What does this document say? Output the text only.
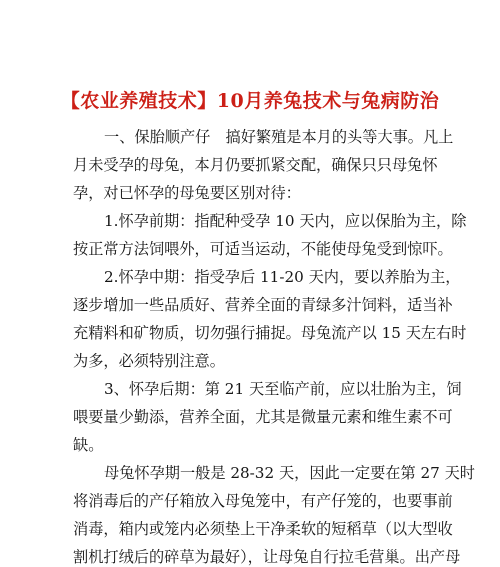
【农业养殖技术】10月养兔技术与兔病防治
一、保胎顺产仔　搞好繁殖是本月的头等大事。凡上
月未受孕的母兔，本月仍要抓紧交配，确保只只母兔怀
孕，对已怀孕的母兔要区别对待：
1.怀孕前期：指配种受孕 10 天内，应以保胎为主，除
按正常方法饲喂外，可适当运动，不能使母兔受到惊吓。
2.怀孕中期：指受孕后 11-20 天内，要以养胎为主，
逐步增加一些品质好、营养全面的青绿多汁饲料，适当补
充精料和矿物质，切勿强行捕捉。母兔流产以 15 天左右时
为多，必须特别注意。
3、怀孕后期：第 21 天至临产前，应以壮胎为主，饲
喂要量少勤添，营养全面，尤其是微量元素和维生素不可
缺。
母兔怀孕期一般是 28-32 天，因此一定要在第 27 天时
将消毒后的产仔箱放入母兔笼中，有产仔笼的，也要事前
消毒，箱内或笼内必须垫上干净柔软的短稻草（以大型收
割机打绒后的碎草为最好），让母兔自行拉毛营巢。出产母
